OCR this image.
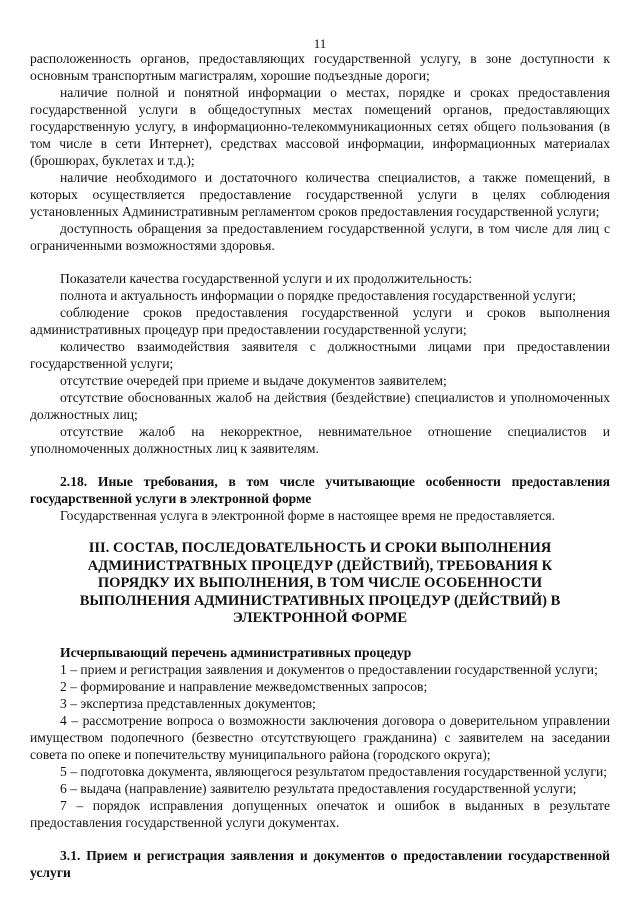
11

расположенность органов, предоставляющих государственной услугу, в зоне доступности к основным транспортным магистралям, хорошие подъездные дороги;

наличие полной и понятной информации о местах, порядке и сроках предоставления государственной услуги в общедоступных местах помещений органов, предоставляющих государственную услугу, в информационно-телекоммуникационных сетях общего пользования (в том числе в сети Интернет), средствах массовой информации, информационных материалах (брошюрах, буклетах и т.д.);

наличие необходимого и достаточного количества специалистов, а также помещений, в которых осуществляется предоставление государственной услуги в целях соблюдения установленных Административным регламентом сроков предоставления государственной услуги;

доступность обращения за предоставлением государственной услуги, в том числе для лиц с ограниченными возможностями здоровья.

Показатели качества государственной услуги и их продолжительность:

полнота и актуальность информации о порядке предоставления государственной услуги;

соблюдение сроков предоставления государственной услуги и сроков выполнения административных процедур при предоставлении государственной услуги;

количество взаимодействия заявителя с должностными лицами при предоставлении государственной услуги;

отсутствие очередей при приеме и выдаче документов заявителем;

отсутствие обоснованных жалоб на действия (бездействие) специалистов и уполномоченных должностных лиц;

отсутствие жалоб на некорректное, невнимательное отношение специалистов и уполномоченных должностных лиц к заявителям.

2.18. Иные требования, в том числе учитывающие особенности предоставления государственной услуги в электронной форме

Государственная услуга в электронной форме в настоящее время не предоставляется.

III. СОСТАВ, ПОСЛЕДОВАТЕЛЬНОСТЬ И СРОКИ ВЫПОЛНЕНИЯ АДМИНИСТРАТВНЫХ ПРОЦЕДУР (ДЕЙСТВИЙ), ТРЕБОВАНИЯ К ПОРЯДКУ ИХ ВЫПОЛНЕНИЯ, В ТОМ ЧИСЛЕ ОСОБЕННОСТИ ВЫПОЛНЕНИЯ АДМИНИСТРАТИВНЫХ ПРОЦЕДУР (ДЕЙСТВИЙ) В ЭЛЕКТРОННОЙ ФОРМЕ

Исчерпывающий перечень административных процедур

1 – прием и регистрация заявления и документов о предоставлении государственной услуги;

2 – формирование и направление межведомственных запросов;

3 – экспертиза представленных документов;

4 – рассмотрение вопроса о возможности заключения договора о доверительном управлении имуществом подопечного (безвестно отсутствующего гражданина) с заявителем на заседании совета по опеке и попечительству муниципального района (городского округа);

5 – подготовка документа, являющегося результатом предоставления государственной услуги;

6 – выдача (направление) заявителю результата предоставления государственной услуги;

7 – порядок исправления допущенных опечаток и ошибок в выданных в результате предоставления государственной услуги документах.

3.1. Прием и регистрация заявления и документов о предоставлении государственной услуги
